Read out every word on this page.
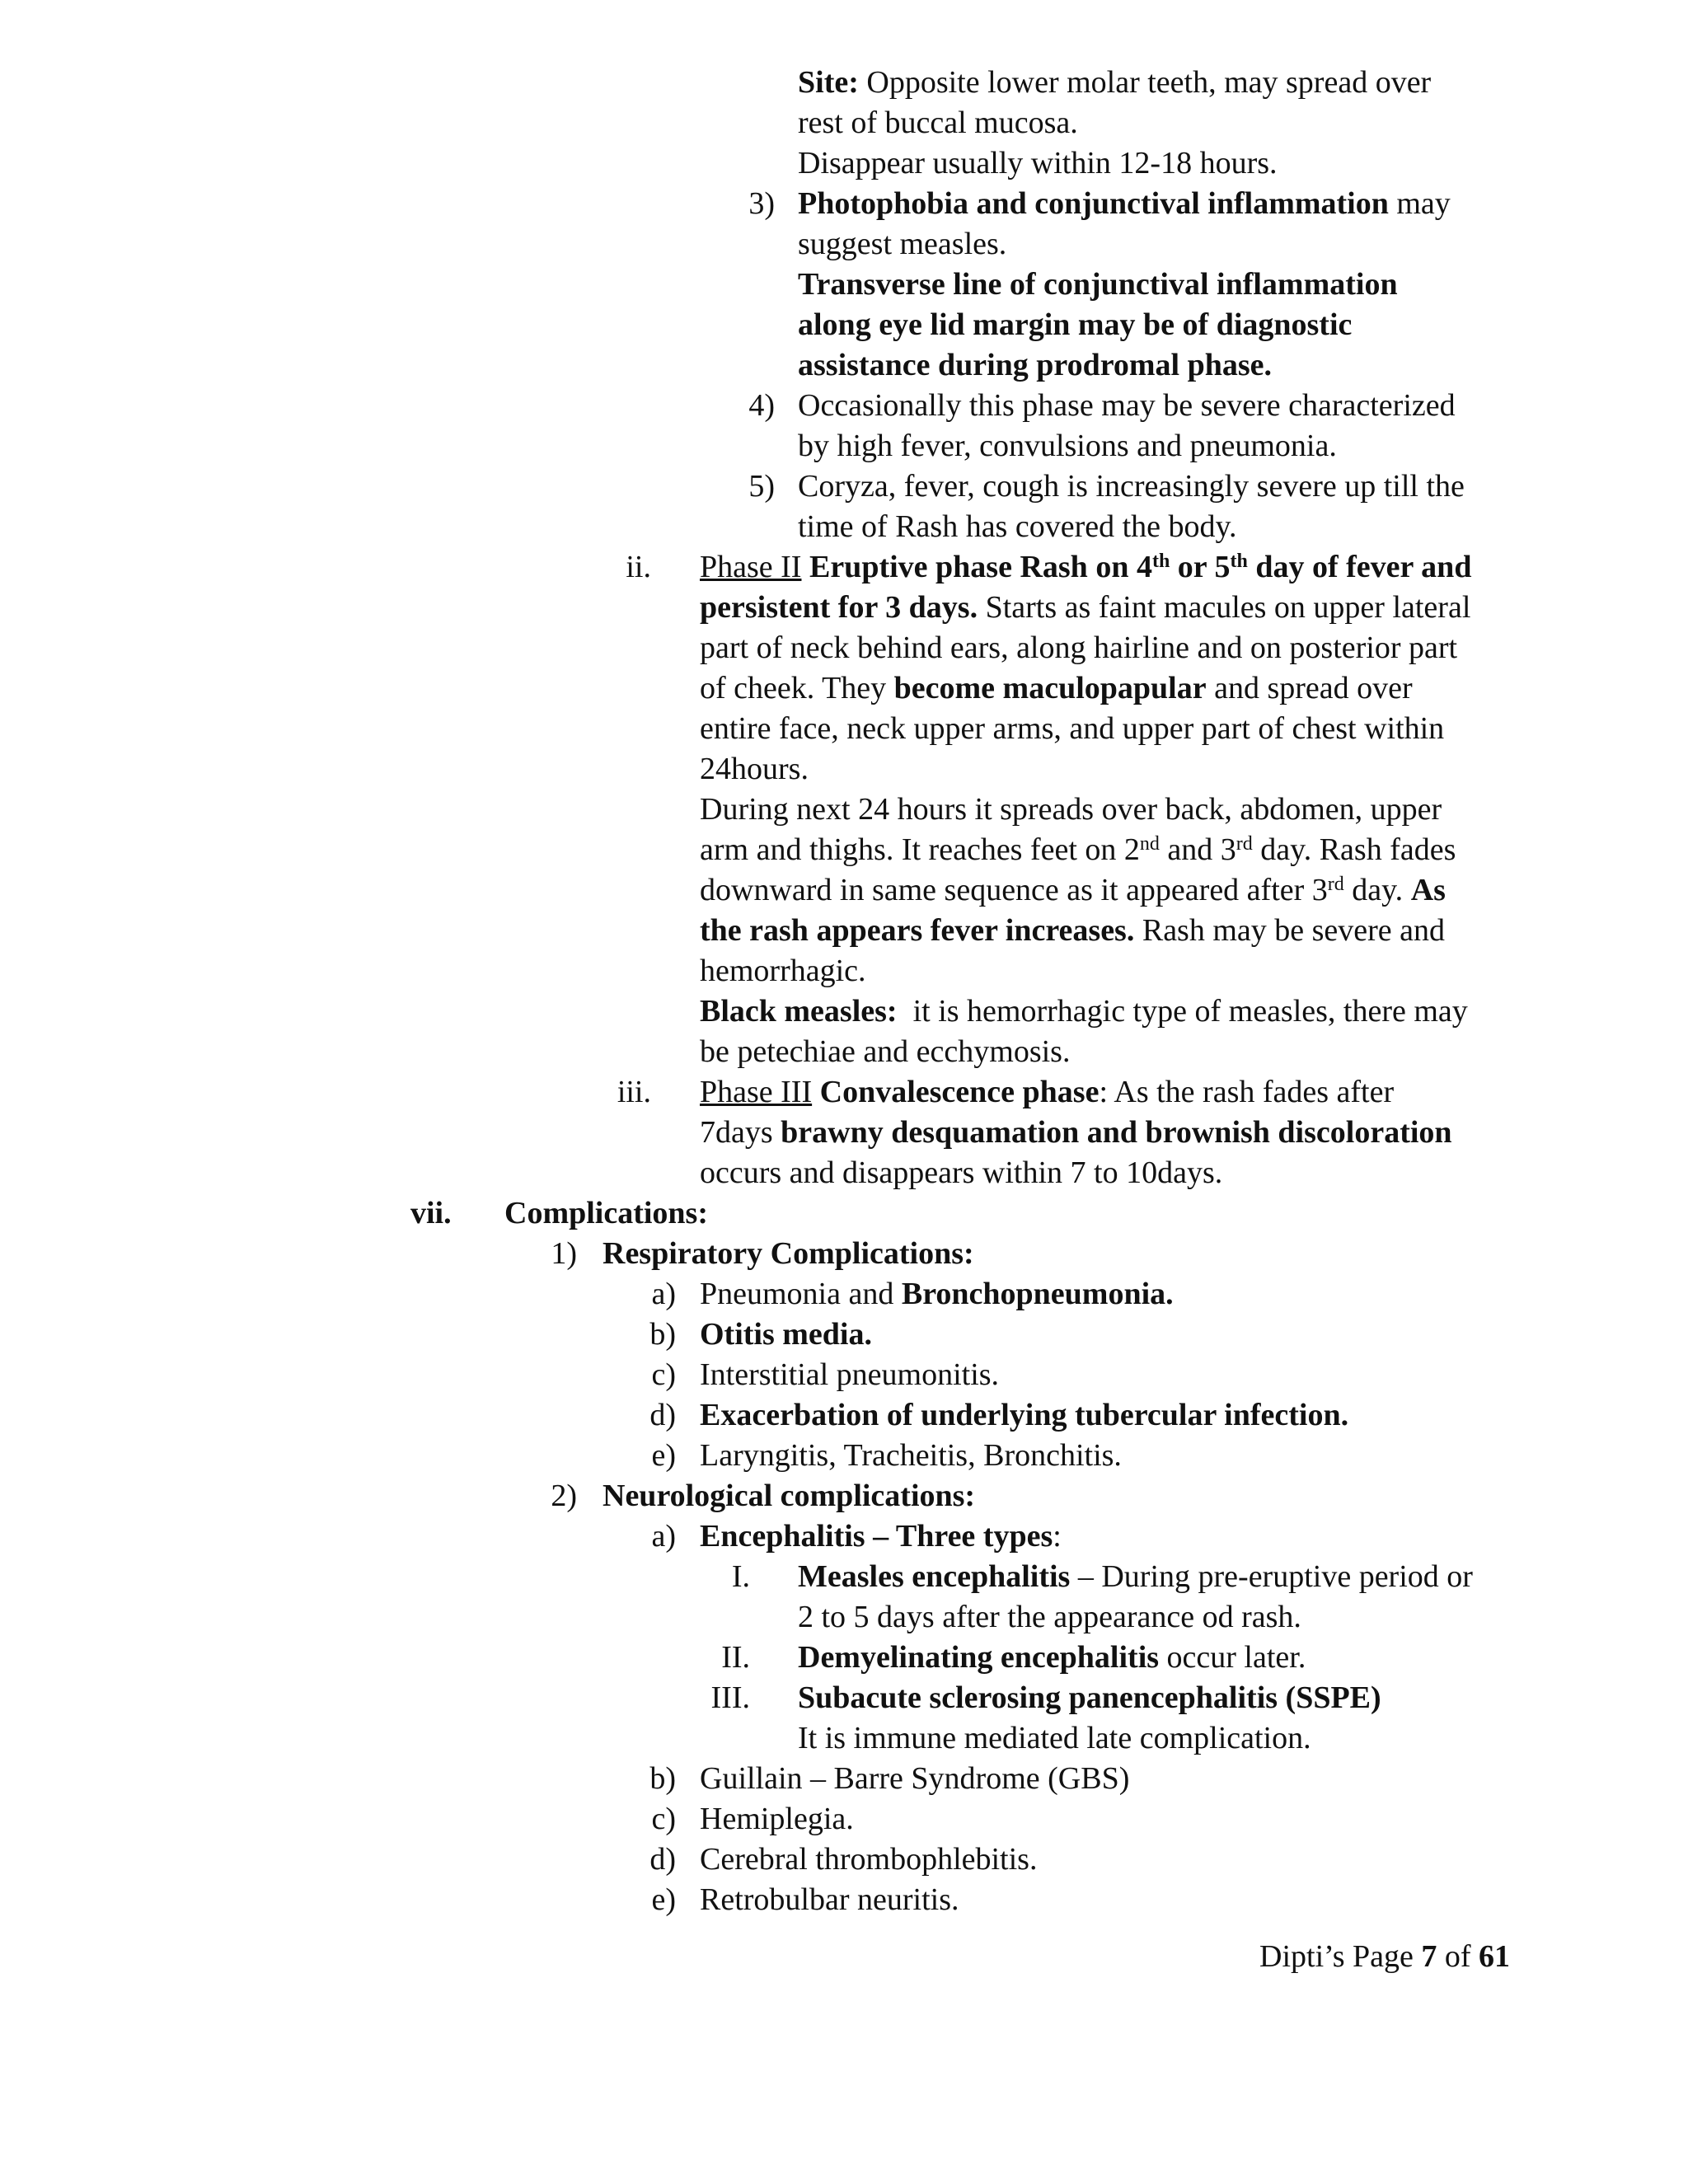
Site: Opposite lower molar teeth, may spread over
rest of buccal mucosa.
Disappear usually within 12-18 hours.
3) Photophobia and conjunctival inflammation may
suggest measles.
Transverse line of conjunctival inflammation
along eye lid margin may be of diagnostic
assistance during prodromal phase.
4) Occasionally this phase may be severe characterized
by high fever, convulsions and pneumonia.
5) Coryza, fever, cough is increasingly severe up till the
time of Rash has covered the body.
ii. Phase II Eruptive phase Rash on 4th or 5th day of fever and
persistent for 3 days. Starts as faint macules on upper lateral
part of neck behind ears, along hairline and on posterior part
of cheek. They become maculopapular and spread over
entire face, neck upper arms, and upper part of chest within
24hours.
During next 24 hours it spreads over back, abdomen, upper
arm and thighs. It reaches feet on 2nd and 3rd day. Rash fades
downward in same sequence as it appeared after 3rd day. As
the rash appears fever increases. Rash may be severe and
hemorrhagic.
Black measles:  it is hemorrhagic type of measles, there may
be petechiae and ecchymosis.
iii. Phase III Convalescence phase: As the rash fades after
7days brawny desquamation and brownish discoloration
occurs and disappears within 7 to 10days.
vii. Complications:
1) Respiratory Complications:
a) Pneumonia and Bronchopneumonia.
b) Otitis media.
c) Interstitial pneumonitis.
d) Exacerbation of underlying tubercular infection.
e) Laryngitis, Tracheitis, Bronchitis.
2) Neurological complications:
a) Encephalitis – Three types:
I. Measles encephalitis – During pre-eruptive period or
2 to 5 days after the appearance od rash.
II. Demyelinating encephalitis occur later.
III. Subacute sclerosing panencephalitis (SSPE)
It is immune mediated late complication.
b) Guillain – Barre Syndrome (GBS)
c) Hemiplegia.
d) Cerebral thrombophlebitis.
e) Retrobulbar neuritis.
Dipti’s Page 7 of 61
